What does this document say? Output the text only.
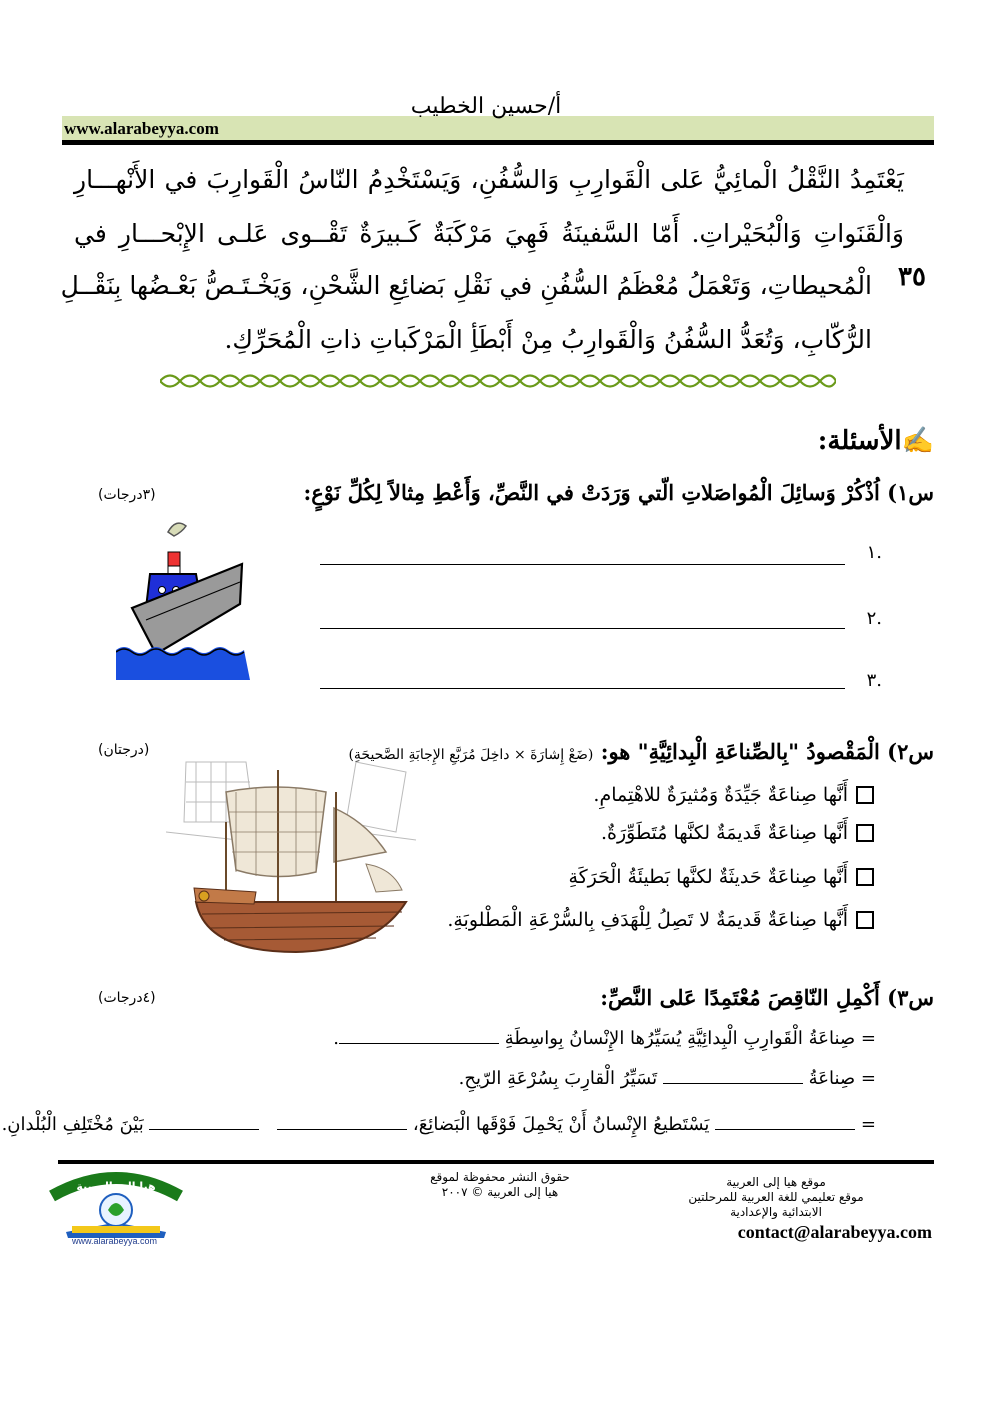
www.alarabeyya.com
أ/حسين الخطيب
يَعْتَمِدُ النَّقْلُ الْمائِيُّ عَلى الْقَوارِبِ وَالسُّفُنِ، وَيَسْتَخْدِمُ النّاسُ الْقَوارِبَ في الأَنْهـــارِ
وَالْقَنَواتِ وَالْبُحَيْراتِ. أَمّا السَّفينَةُ فَهِيَ مَرْكَبَةٌ كَـبيرَةٌ تَقْــوى عَلـى الإِبْحـــارِ في
الْمُحيطاتِ، وَتَعْمَلُ مُعْظَمُ السُّفُنِ في نَقْلِ بَضائِعِ الشَّحْنِ، وَيَخْـتَـصُّ بَعْـضُها بِنَقْــلِ
الرُّكّابِ، وَتُعَدُّ السُّفُنُ وَالْقَوارِبُ مِنْ أَبْطَأِ الْمَرْكَباتِ ذاتِ الْمُحَرِّكِ.
٣٥
✍الأسئلة:
س١) اُذْكُرْ وَسائِلَ الْمُواصَلاتِ الّتي وَرَدَتْ في النَّصِّ، وَأَعْطِ مِثالاً لِكُلِّ نَوْعٍ:
(٣درجات)
١.
٢.
٣.
س٢) الْمَقْصودُ "بِالصِّناعَةِ الْبِدائِيَّةِ" هو: (ضَعْ إِشارَةَ × داخِلَ مُرَبَّعِ الإِجابَةِ الصَّحيحَةِ)
(درجتان)
أَنَّها صِناعَةٌ جَيِّدَةٌ وَمُثيرَةٌ للاهْتِمامِ.
أَنَّها صِناعَةٌ قَديمَةٌ لكنَّها مُتَطَوِّرَةٌ.
أَنَّها صِناعَةٌ حَديثَةٌ لكنَّها بَطيئَةُ الْحَرَكَةِ
أَنَّها صِناعَةٌ قَديمَةٌ لا تَصِلُ لِلْهَدَفِ بِالسُّرْعَةِ الْمَطْلوبَةِ.
س٣) أَكْمِلِ النّاقِصَ مُعْتَمِدًا عَلى النَّصِّ:
(٤درجات)
= صِناعَةُ الْقَوارِبِ الْبِدائِيَّةِ يُسَيِّرُها الإِنْسانُ بِواسِطَةِ .
= صِناعَةُ  تَسَيِّرُ الْقارِبَ بِسُرْعَةِ الرّيحِ.
=  يَسْتَطيعُ الإِنْسانُ أَنْ يَحْمِلَ فَوْقَها الْبَضائِعَ،   بَيْنَ مُخْتَلِفِ الْبُلْدانِ.
موقع هيا إلى العربية
موقع تعليمي للغة العربية للمرحلتين
الابتدائية والإعدادية
contact@alarabeyya.com
حقوق النشر محفوظة لموقع
هيا إلى العربية © ٢٠٠٧
هيا إلى العربية
www.alarabeyya.com
